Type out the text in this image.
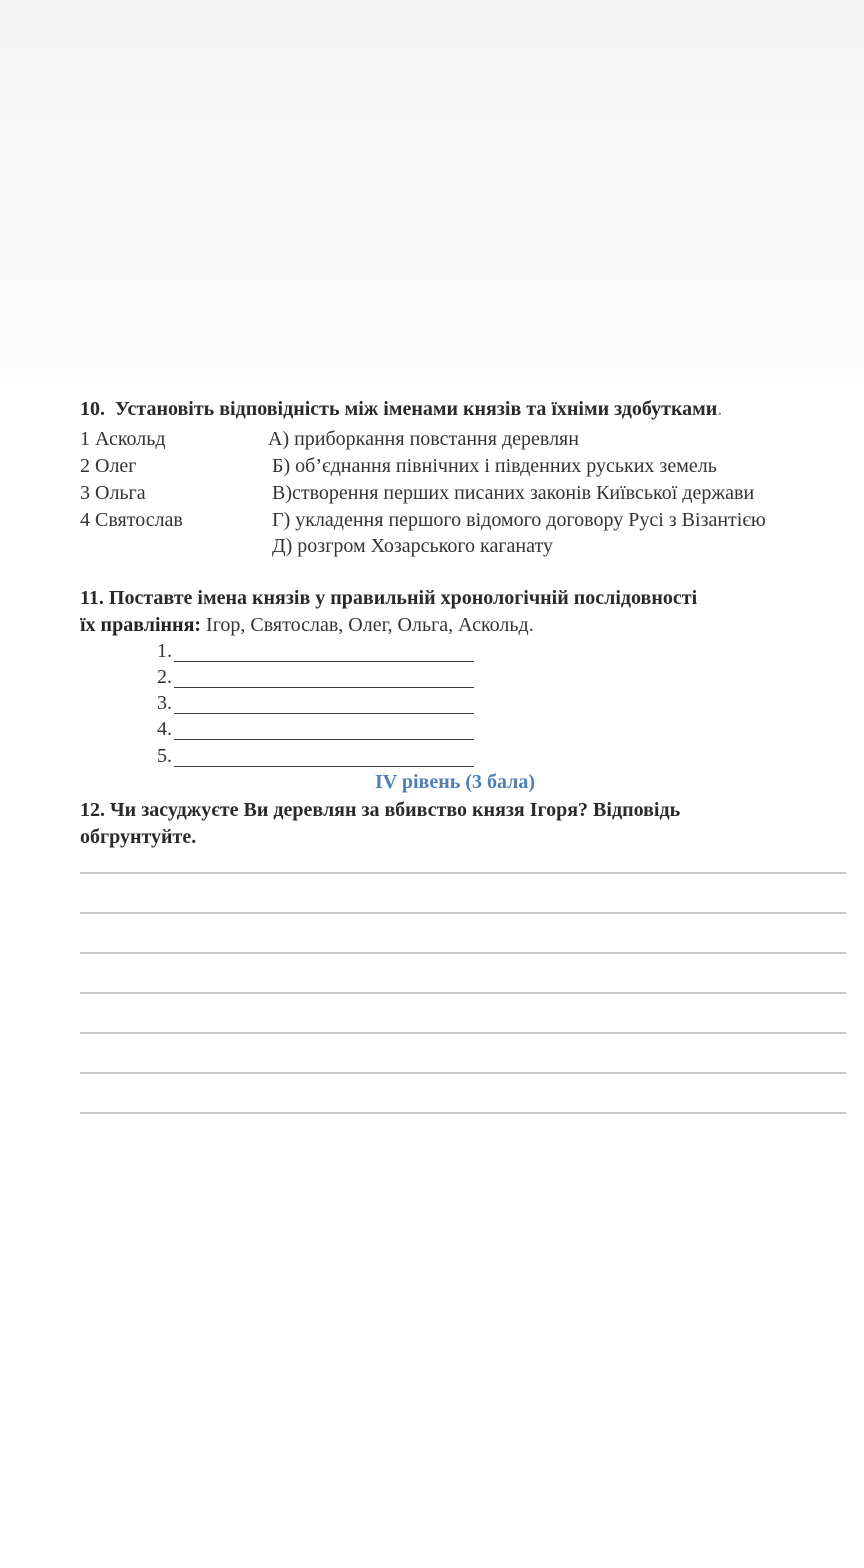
10. Установіть відповідність між іменами князів та їхніми здобутками.
1 Аскольд
2 Олег
3 Ольга
4 Святослав
А) приборкання повстання деревлян
Б) об’єднання північних і південних руських земель
В)створення перших писаних законів Київської держави
Г) укладення першого відомого договору Русі з Візантією
Д) розгром Хозарського каганату
11. Поставте імена князів у правильній хронологічній послідовності
їх правління: Ігор, Святослав, Олег, Ольга, Аскольд.
1.
2.
3.
4.
5.
IV рівень (3 бала)
12. Чи засуджуєте Ви деревлян за вбивство князя Ігоря? Відповідь
обгрунтуйте.
